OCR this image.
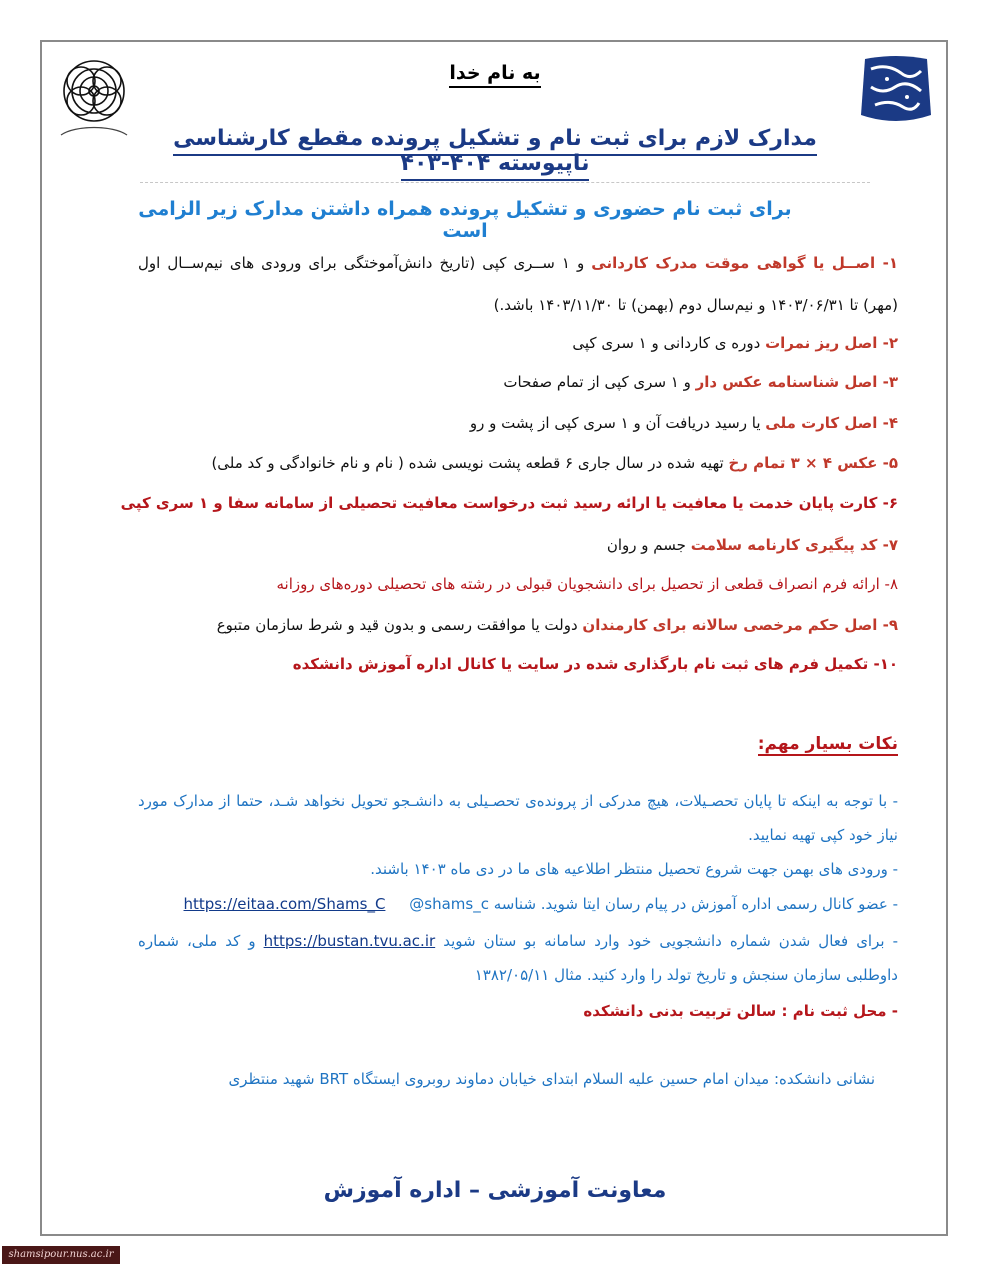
به نام خدا
مدارک لازم برای ثبت نام و تشکیل پرونده مقطع کارشناسی ناپیوسته ۴۰۴-۴۰۳
برای ثبت نام حضوری و تشکیل پرونده همراه داشتن مدارک زیر الزامی است
۱- اصــل یا گواهی موقت مدرک کاردانی و ۱ ســری کپی (تاریخ دانش‌آموختگی برای ورودی های نیم‌ســال اول (مهر) تا ۱۴۰۳/۰۶/۳۱ و نیم‌سال دوم (بهمن) تا ۱۴۰۳/۱۱/۳۰ باشد.)
۲- اصل ریز نمرات دوره ی کاردانی و ۱ سری کپی
۳- اصل شناسنامه عکس دار و ۱ سری کپی از تمام صفحات
۴- اصل کارت ملی یا رسید دریافت آن و ۱ سری کپی از پشت و رو
۵- عکس ۴ × ۳ تمام رخ تهیه شده در سال جاری ۶ قطعه پشت نویسی شده ( نام و نام خانوادگی و کد ملی)
۶- کارت پایان خدمت یا معافیت یا ارائه رسید ثبت درخواست معافیت تحصیلی از سامانه سفا و ۱ سری کپی
۷- کد پیگیری کارنامه سلامت جسم و روان
۸- ارائه فرم انصراف قطعی از تحصیل برای دانشجویان قبولی در رشته های تحصیلی دوره‌های روزانه
۹- اصل حکم مرخصی سالانه برای کارمندان دولت یا موافقت رسمی و بدون قید و شرط سازمان متبوع
۱۰- تکمیل فرم های ثبت نام بارگذاری شده در سایت یا کانال اداره آموزش دانشکده
نکات بسیار مهم:
- با توجه به اینکه تا پایان تحصـیلات، هیچ مدرکی از پرونده‌ی تحصـیلی به دانشـجو تحویل نخواهد شـد، حتما از مدارک مورد نیاز خود کپی تهیه نمایید.
- ورودی های بهمن جهت شروع تحصیل منتظر اطلاعیه های ما در دی ماه ۱۴۰۳ باشند.
- عضو کانال رسمی اداره آموزش در پیام رسان ایتا شوید. شناسه @shams_c     https://eitaa.com/Shams_C
- برای فعال شدن شماره دانشجویی خود وارد سامانه بو ستان شوید https://bustan.tvu.ac.ir و کد ملی، شماره داوطلبی سازمان سنجش و تاریخ تولد را وارد کنید. مثال ۱۳۸۲/۰۵/۱۱
- محل ثبت نام : سالن تربیت بدنی دانشکده
نشانی دانشکده: میدان امام حسین علیه السلام ابتدای خیابان دماوند روبروی ایستگاه BRT شهید منتظری
معاونت آموزشی – اداره آموزش
shamsipour.nus.ac.ir
